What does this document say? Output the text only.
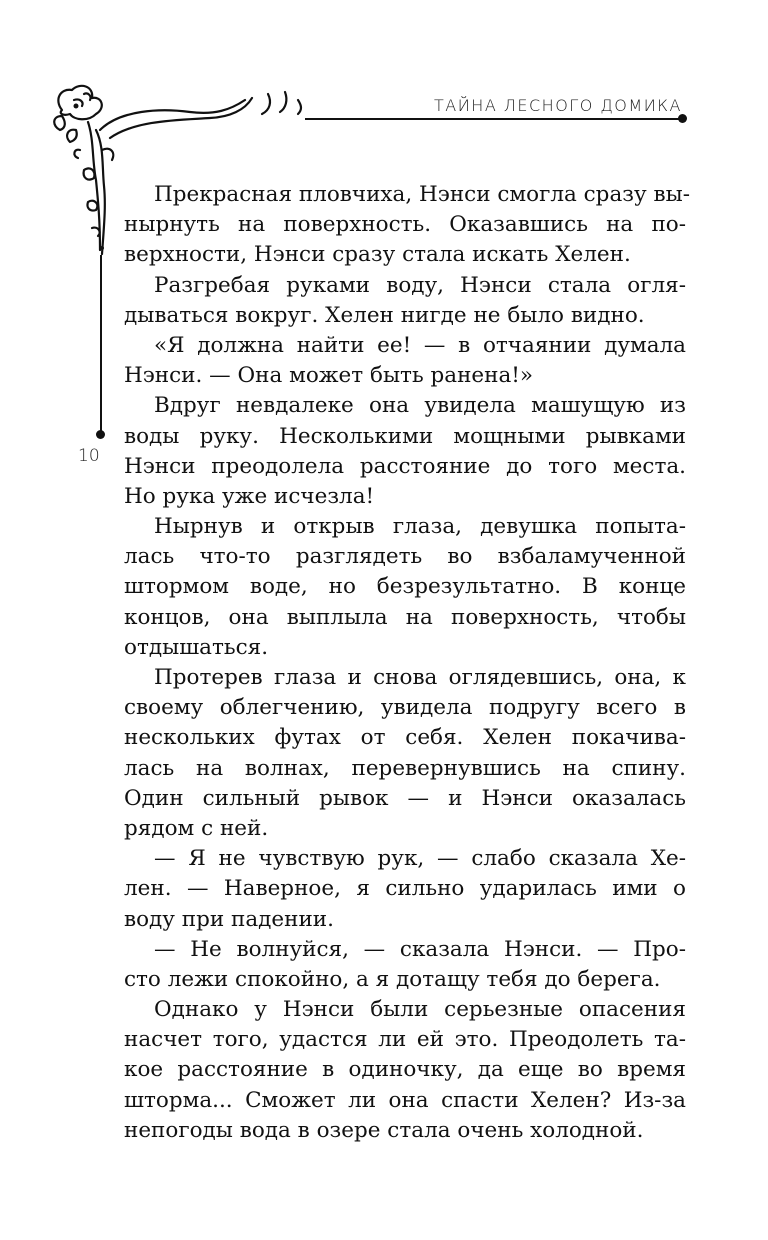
ТАЙНА ЛЕСНОГО ДОМИКА
10
Прекрасная пловчиха, Нэнси смогла сразу вы-
нырнуть на поверхность. Оказавшись на по-
верхности, Нэнси сразу стала искать Хелен.
Разгребая руками воду, Нэнси стала огля-
дываться вокруг. Хелен нигде не было видно.
«Я должна найти ее! — в отчаянии думала
Нэнси. — Она может быть ранена!»
Вдруг невдалеке она увидела машущую из
воды руку. Несколькими мощными рывками
Нэнси преодолела расстояние до того места.
Но рука уже исчезла!
Нырнув и открыв глаза, девушка попыта-
лась что-то разглядеть во взбаламученной
штормом воде, но безрезультатно. В конце
концов, она выплыла на поверхность, чтобы
отдышаться.
Протерев глаза и снова оглядевшись, она, к
своему облегчению, увидела подругу всего в
нескольких футах от себя. Хелен покачива-
лась на волнах, перевернувшись на спину.
Один сильный рывок — и Нэнси оказалась
рядом с ней.
— Я не чувствую рук, — слабо сказала Хе-
лен. — Наверное, я сильно ударилась ими о
воду при падении.
— Не волнуйся, — сказала Нэнси. — Про-
сто лежи спокойно, а я дотащу тебя до берега.
Однако у Нэнси были серьезные опасения
насчет того, удастся ли ей это. Преодолеть та-
кое расстояние в одиночку, да еще во время
шторма... Сможет ли она спасти Хелен? Из-за
непогоды вода в озере стала очень холодной.
